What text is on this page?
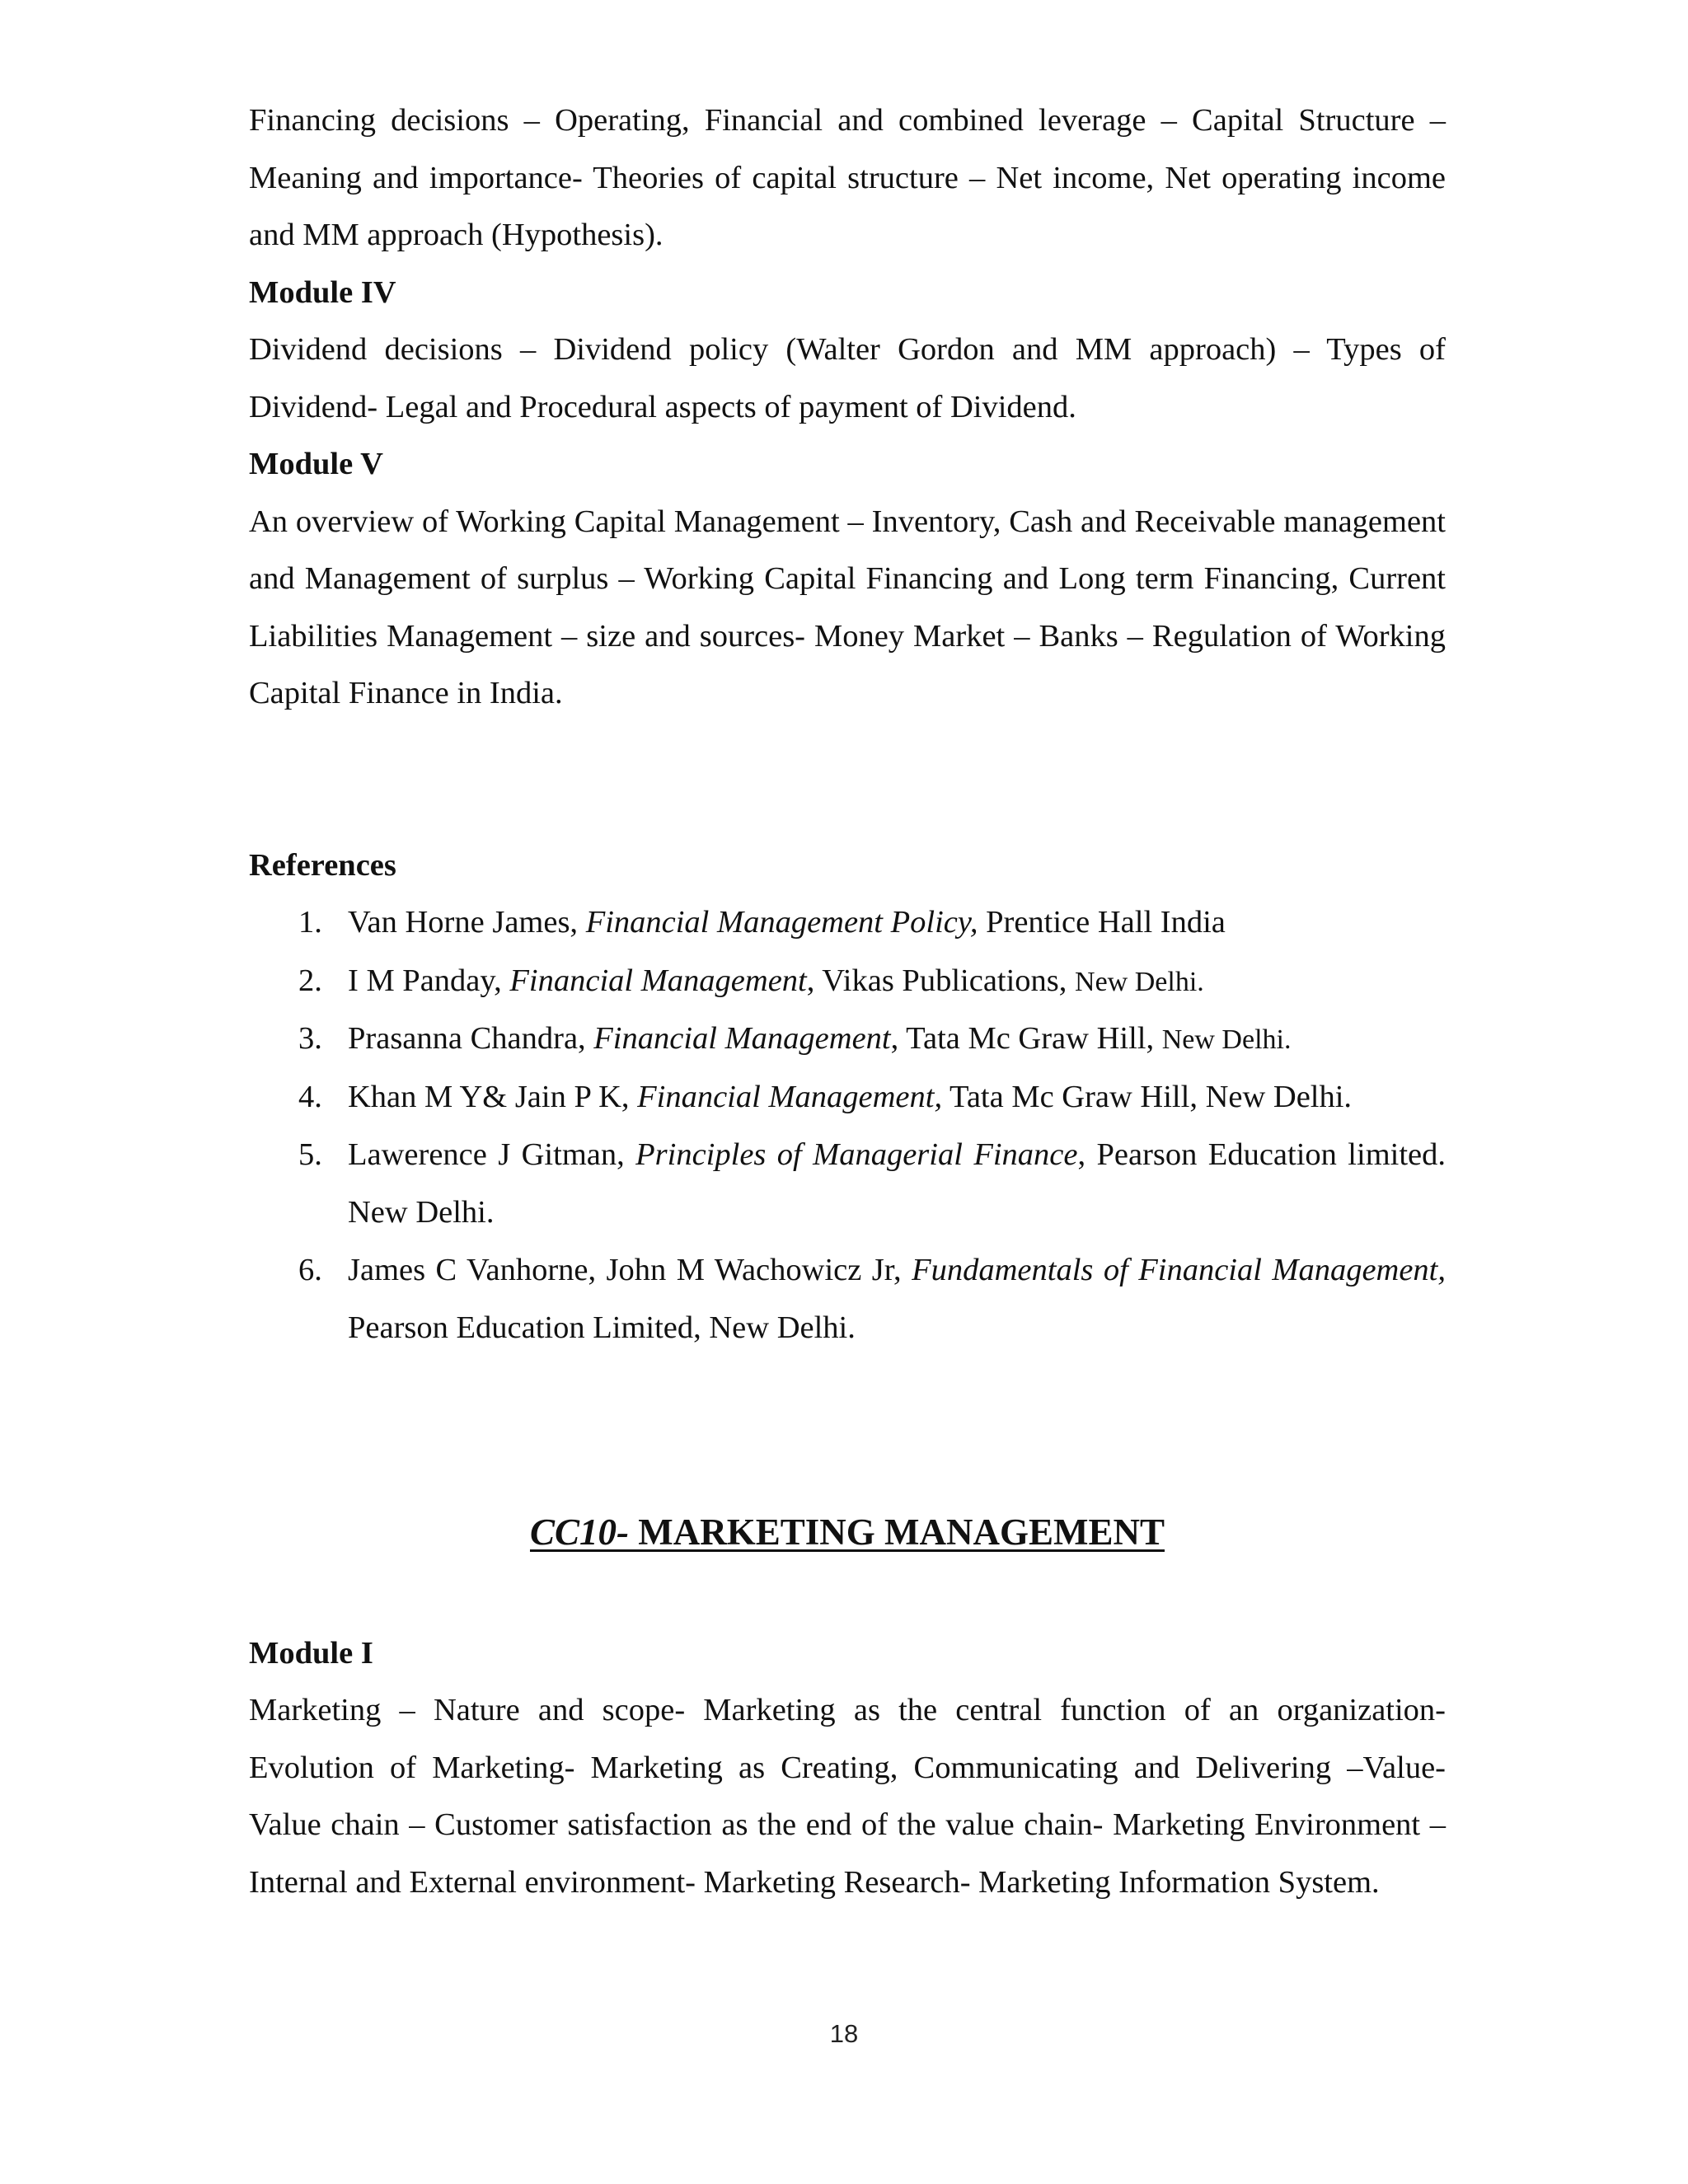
Financing decisions – Operating, Financial and combined leverage – Capital Structure – Meaning and importance- Theories of capital structure – Net income, Net operating income and MM approach (Hypothesis).

Module IV

Dividend decisions – Dividend policy (Walter Gordon and MM approach) – Types of Dividend- Legal and Procedural aspects of payment of Dividend.

Module V

An overview of Working Capital Management – Inventory, Cash and Receivable management and Management of surplus – Working Capital Financing and Long term Financing, Current Liabilities Management – size and sources- Money Market – Banks – Regulation of Working Capital Finance in India.

References

1. Van Horne James, Financial Management Policy, Prentice Hall India
2. I M Panday, Financial Management, Vikas Publications, New Delhi.
3. Prasanna Chandra, Financial Management, Tata Mc Graw Hill, New Delhi.
4. Khan M Y& Jain P K, Financial Management, Tata Mc Graw Hill, New Delhi.
5. Lawerence J Gitman, Principles of Managerial Finance, Pearson Education limited. New Delhi.
6. James C Vanhorne, John M Wachowicz Jr, Fundamentals of Financial Management, Pearson Education Limited, New Delhi.
CC10- MARKETING MANAGEMENT

Module I

Marketing – Nature and scope- Marketing as the central function of an organization- Evolution of Marketing- Marketing as Creating, Communicating and Delivering –Value- Value chain – Customer satisfaction as the end of the value chain- Marketing Environment – Internal and External environment- Marketing Research- Marketing Information System.

18
